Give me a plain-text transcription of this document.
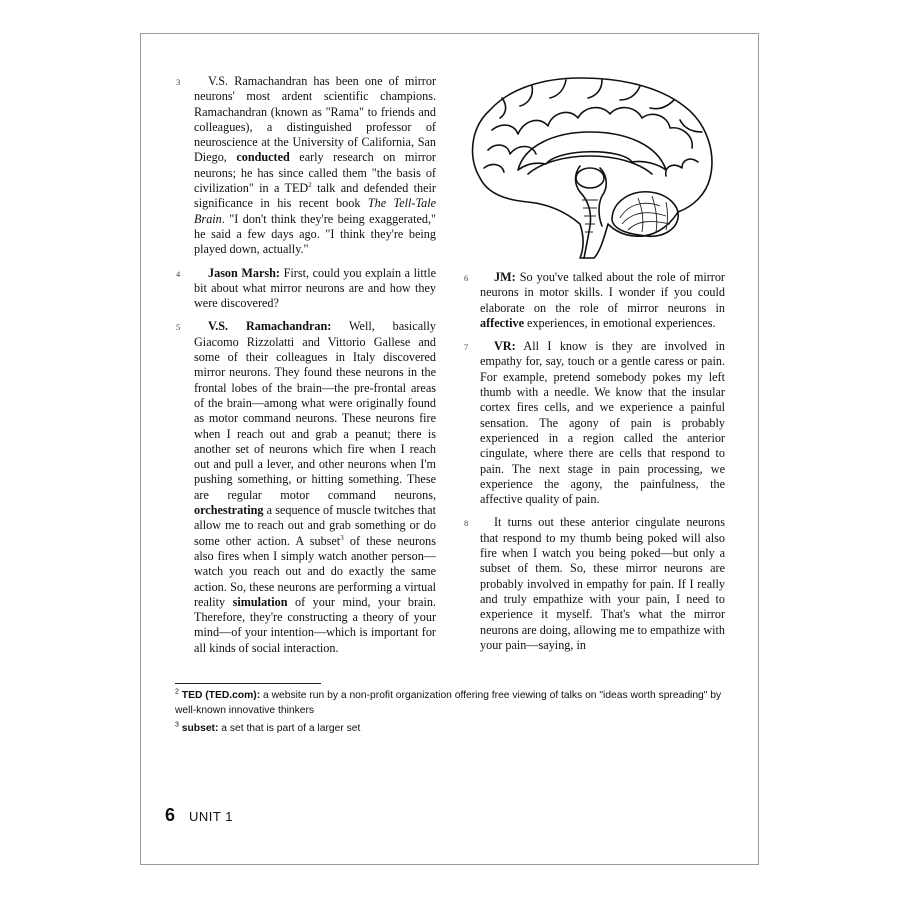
3 V.S. Ramachandran has been one of mirror neurons' most ardent scientific champions. Ramachandran (known as "Rama" to friends and colleagues), a distinguished professor of neuroscience at the University of California, San Diego, conducted early research on mirror neurons; he has since called them "the basis of civilization" in a TED$^2$ talk and defended their significance in his recent book The Tell-Tale Brain. "I don't think they're being exaggerated," he said a few days ago. "I think they're being played down, actually."

4 Jason Marsh: First, could you explain a little bit about what mirror neurons are and how they were discovered?

5 V.S. Ramachandran: Well, basically Giacomo Rizzolatti and Vittorio Gallese and some of their colleagues in Italy discovered mirror neurons. They found these neurons in the frontal lobes of the brain—the pre-frontal areas of the brain—among what were originally found as motor command neurons. These neurons fire when I reach out and grab a peanut; there is another set of neurons which fire when I reach out and pull a lever, and other neurons when I'm pushing something, or hitting something. These are regular motor command neurons, orchestrating a sequence of muscle twitches that allow me to reach out and grab something or do some other action. A subset$^3$ of these neurons also fires when I simply watch another person—watch you reach out and do exactly the same action. So, these neurons are performing a virtual reality simulation of your mind, your brain. Therefore, they're constructing a theory of your mind—of your intention—which is important for all kinds of social interaction.

6 JM: So you've talked about the role of mirror neurons in motor skills. I wonder if you could elaborate on the role of mirror neurons in affective experiences, in emotional experiences.

7 VR: All I know is they are involved in empathy for, say, touch or a gentle caress or pain. For example, pretend somebody pokes my left thumb with a needle. We know that the insular cortex fires cells, and we experience a painful sensation. The agony of pain is probably experienced in a region called the anterior cingulate, where there are cells that respond to pain. The next stage in pain processing, we experience the agony, the painfulness, the affective quality of pain.

8 It turns out these anterior cingulate neurons that respond to my thumb being poked will also fire when I watch you being poked—but only a subset of them. So, these mirror neurons are probably involved in empathy for pain. If I really and truly empathize with your pain, I need to experience it myself. That's what the mirror neurons are doing, allowing me to empathize with your pain—saying, in

$^2$ TED (TED.com): a website run by a non-profit organization offering free viewing of talks on "ideas worth spreading" by well-known innovative thinkers

$^3$ subset: a set that is part of a larger set

6 UNIT 1
